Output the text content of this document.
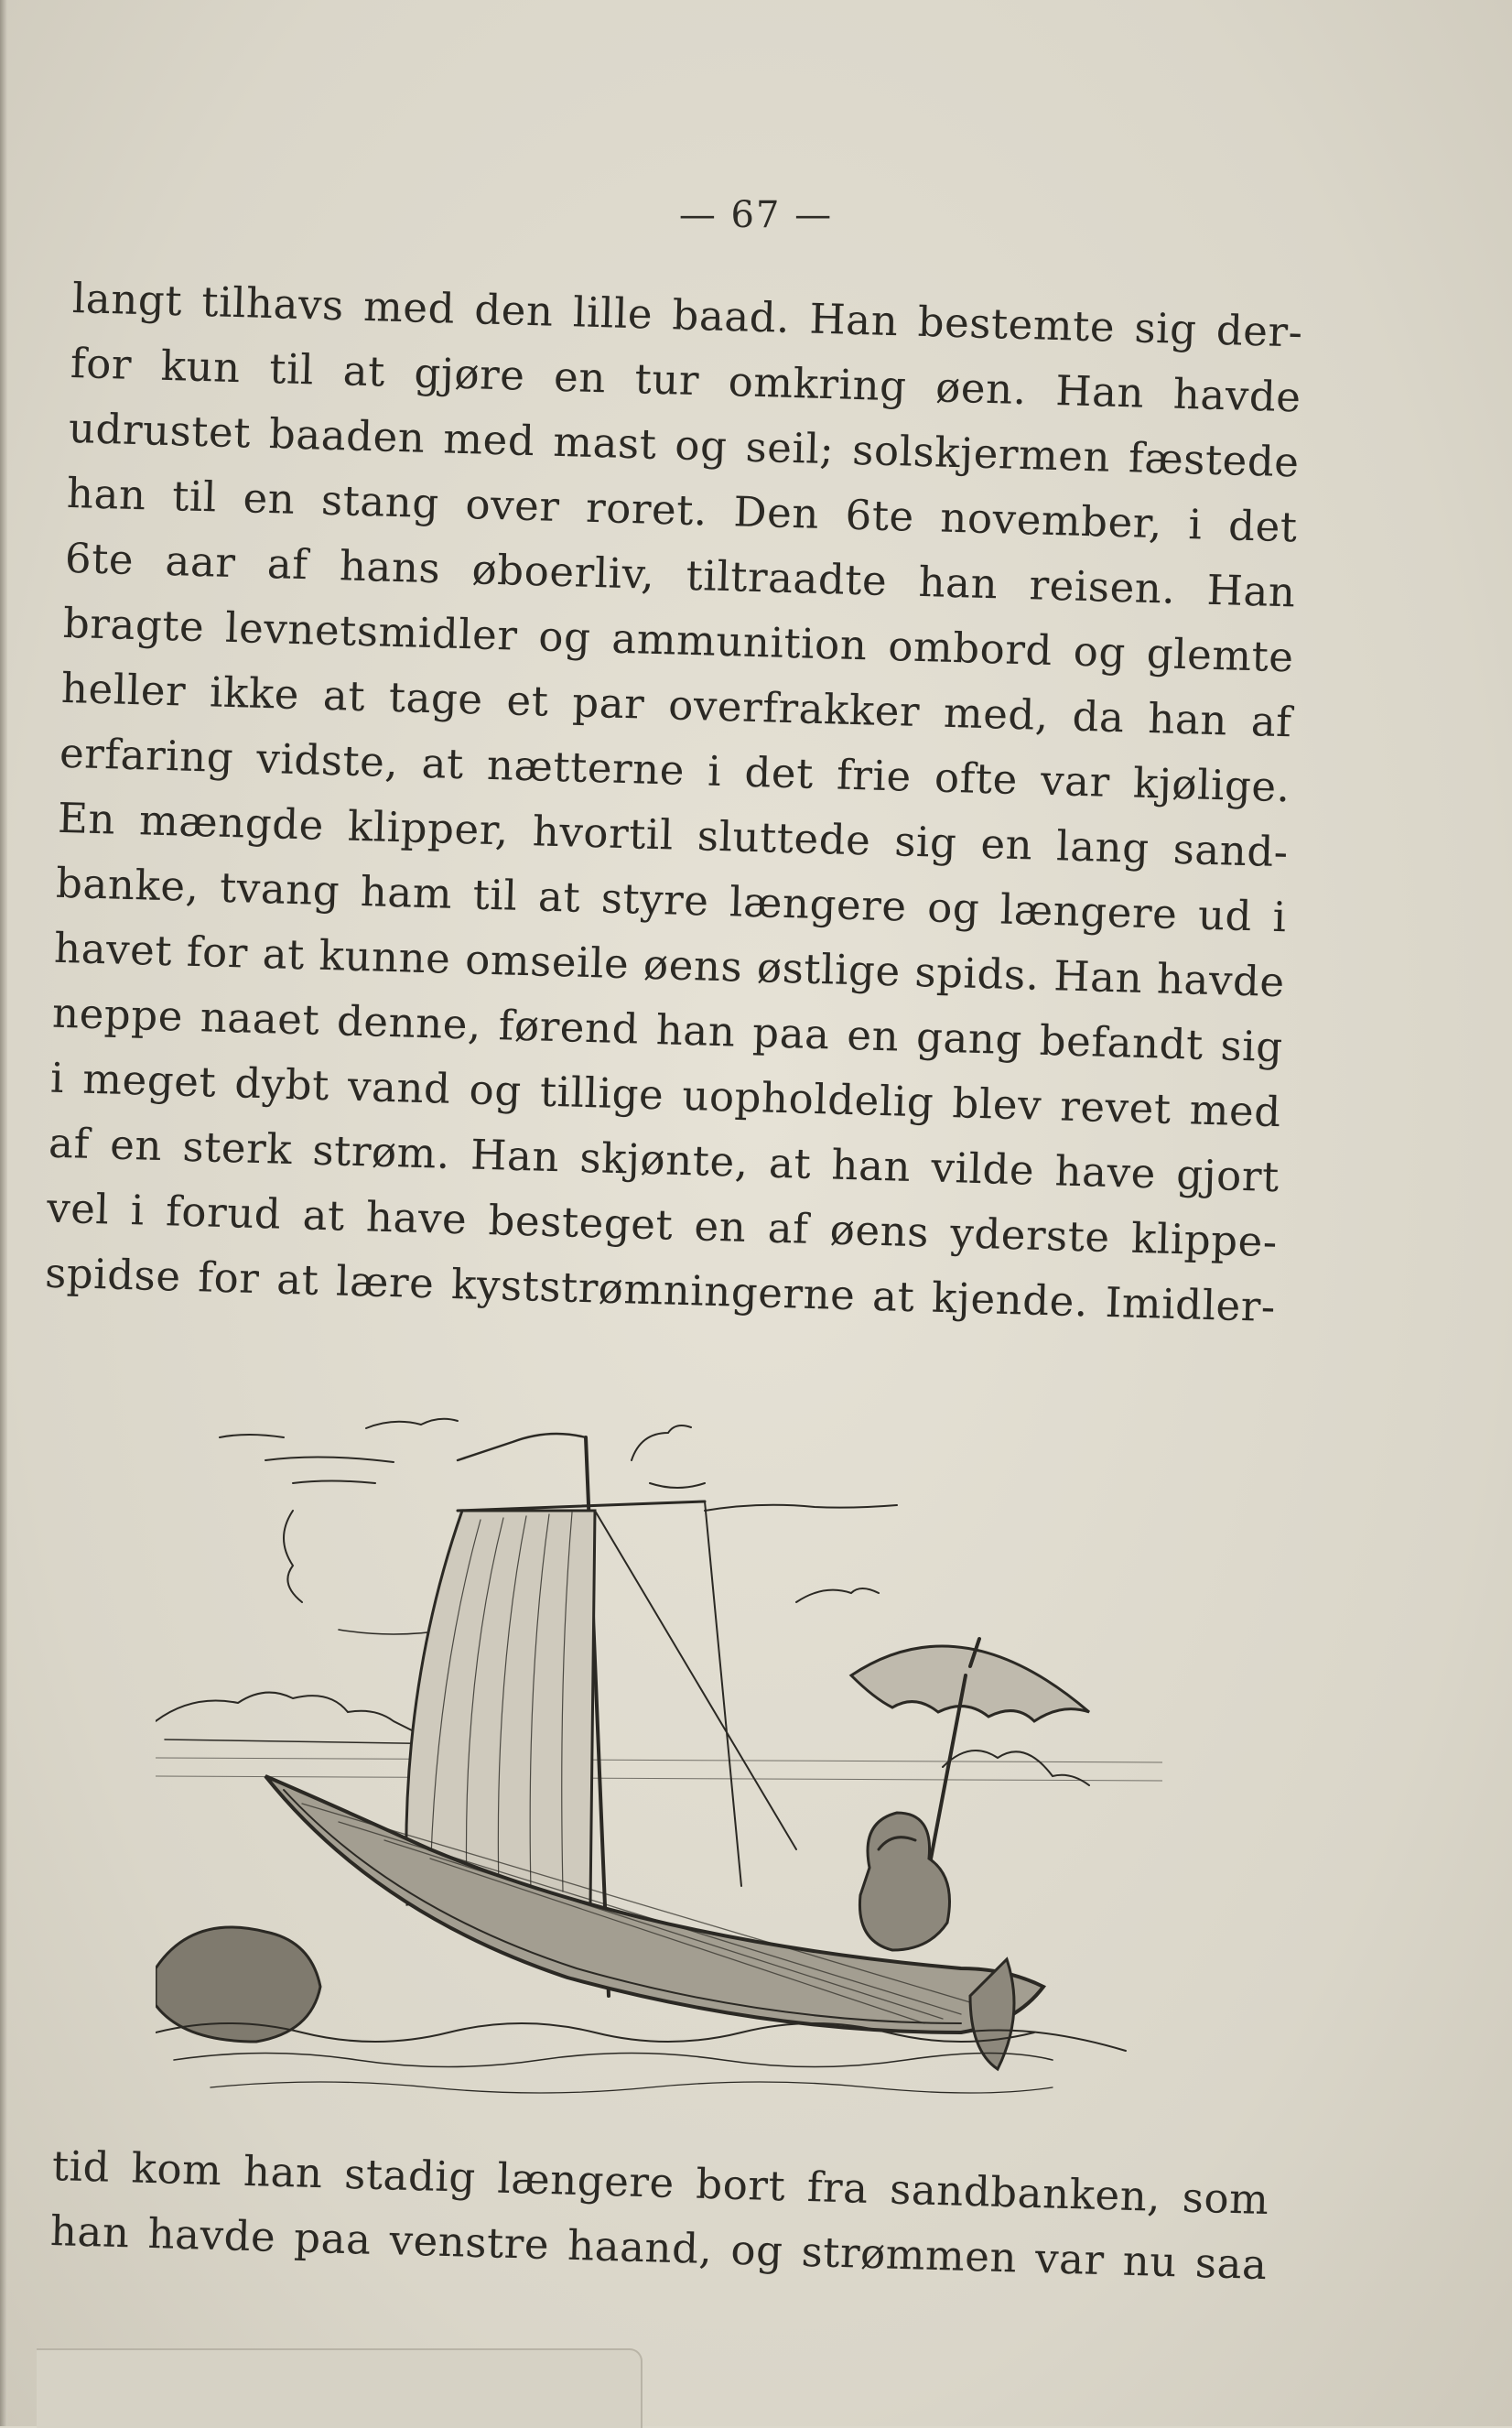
— 67 —
langt tilhavs med den lille baad. Han bestemte sig der-
for kun til at gjøre en tur omkring øen. Han havde
udrustet baaden med mast og seil; solskjermen fæstede
han til en stang over roret. Den 6te november, i det
6te aar af hans øboerliv, tiltraadte han reisen. Han
bragte levnetsmidler og ammunition ombord og glemte
heller ikke at tage et par overfrakker med, da han af
erfaring vidste, at nætterne i det frie ofte var kjølige.
En mængde klipper, hvortil sluttede sig en lang sand-
banke, tvang ham til at styre længere og længere ud i
havet for at kunne omseile øens østlige spids. Han havde
neppe naaet denne, førend han paa en gang befandt sig
i meget dybt vand og tillige uopholdelig blev revet med
af en sterk strøm. Han skjønte, at han vilde have gjort
vel i forud at have besteget en af øens yderste klippe-
spidse for at lære kyststrømningerne at kjende. Imidler-
tid kom han stadig længere bort fra sandbanken, som
han havde paa venstre haand, og strømmen var nu saa
